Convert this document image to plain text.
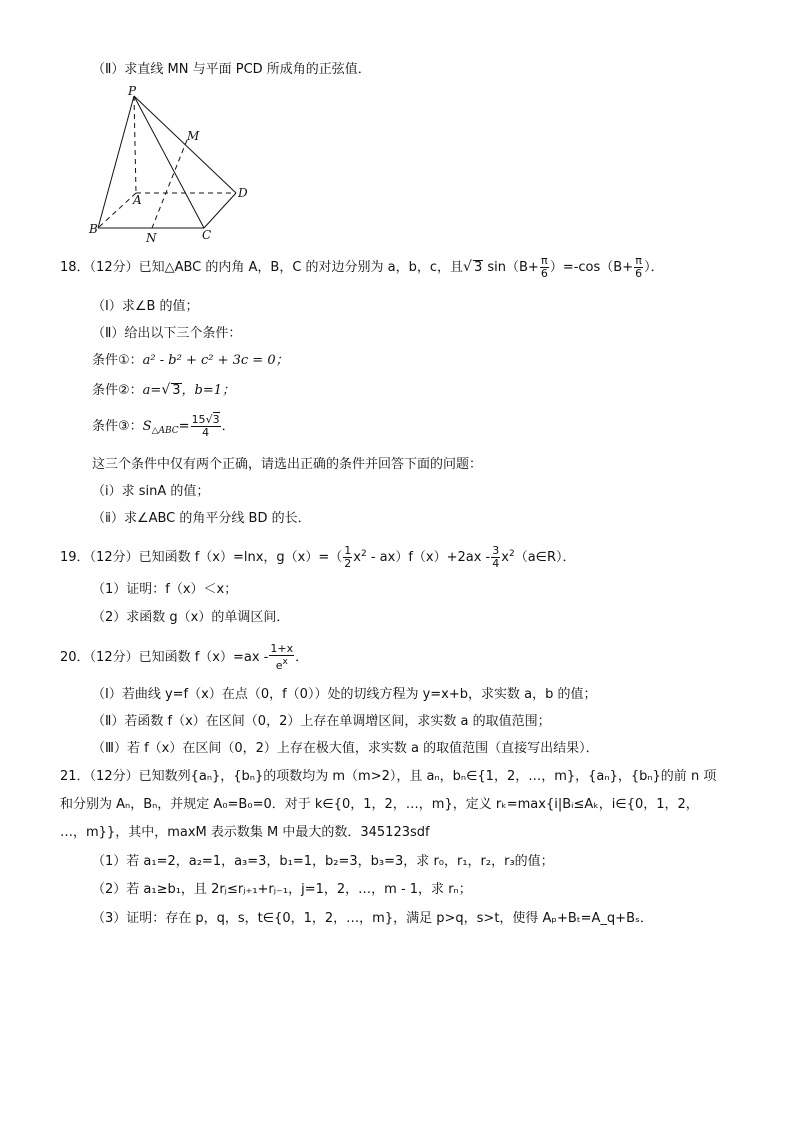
（Ⅱ）求直线 MN 与平面 PCD 所成角的正弦值．
P
M
A	D
B
N	C
18．（12分）已知△ABC 的内角 A，B，C 的对边分别为 a，b，c，且√ 3 $\sin(B+ \frac{\pi}{6} )=-\cos(B+ \frac{\pi}{6}$ ）．
（Ⅰ）求∠B 的值；
（Ⅱ）给出以下三个条件：
条件①：a² - b² + c² + 3c = 0；
条件②：a=√ 3，b=1；
条件③：$S_{\triangle ABC}= \frac{15√3}{4}$ ．
这三个条件中仅有两个正确，请选出正确的条件并回答下面的问题：
（ⅰ）求 sinA 的值；
（ⅱ）求∠ABC 的角平分线 BD 的长．
19．（12分）已知函数 f（x）=lnx，$g(x)=( \frac{1}{2} x^2 - ax)f(x)+2ax - \frac{3}{4}$ $x^2(a\in R)$．
（1）证明：f（x）＜x；
（2）求函数 g（x）的单调区间．
20．（12分）已知函数 $f(x)=ax - \frac{1+x}{e^x}$ ．
（Ⅰ）若曲线 y=f（x）在点（0，f（0））处的切线方程为 y=x+b，求实数 a，b 的值；
（Ⅱ）若函数 f（x）在区间（0，2）上存在单调增区间，求实数 a 的取值范围；
（Ⅲ）若 f（x）在区间（0，2）上存在极大值，求实数 a 的取值范围（直接写出结果）．
21．（12分）已知数列{aₙ}，{bₙ}的项数均为 m（m>2），且 aₙ，bₙ∈{1，2，…，m}，{aₙ}，{bₙ}的前 n 项
和分别为 Aₙ，Bₙ，并规定 A₀=B₀=0．对于 k∈{0，1，2，…，m}，定义 rₖ=max{i|Bᵢ≤Aₖ，i∈{0，1，2，
…，m}}，其中，maxM 表示数集 M 中最大的数．345123sdf
（1）若 a₁=2，a₂=1，a₃=3，b₁=1，b₂=3，b₃=3，求 r₀，r₁，r₂，r₃的值；
（2）若 a₁≥b₁，且 2rⱼ≤rⱼ₊₁+rⱼ₋₁，j=1，2，…，m - 1，求 rₙ；
（3）证明：存在 p，q，s，t∈{0，1，2，…，m}，满足 p>q，s>t，使得 Aₚ+Bₜ=A_q+Bₛ．
